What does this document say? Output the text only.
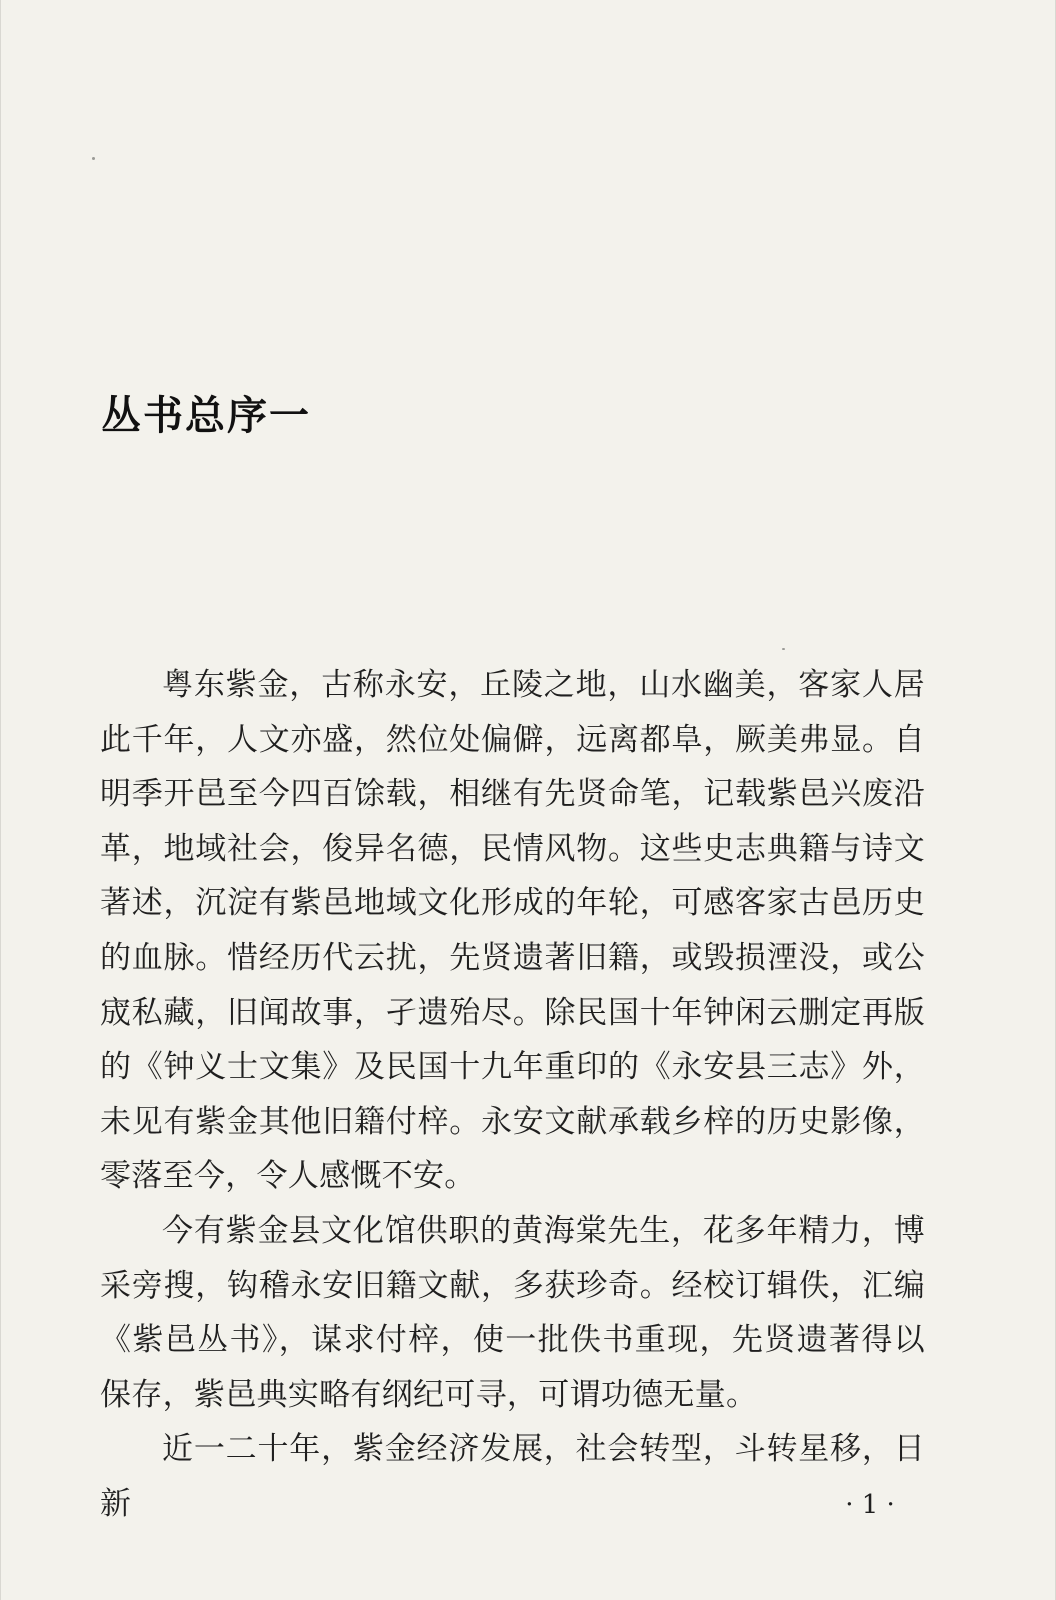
丛书总序一

粤东紫金，古称永安，丘陵之地，山水幽美，客家人居此千年，人文亦盛，然位处偏僻，远离都阜，厥美弗显。自明季开邑至今四百馀载，相继有先贤命笔，记载紫邑兴废沿革，地域社会，俊异名德，民情风物。这些史志典籍与诗文著述，沉淀有紫邑地域文化形成的年轮，可感客家古邑历史的血脉。惜经历代云扰，先贤遗著旧籍，或毁损湮没，或公宬私藏，旧闻故事，孑遗殆尽。除民国十年钟闲云删定再版的《钟义士文集》及民国十九年重印的《永安县三志》外，未见有紫金其他旧籍付梓。永安文献承载乡梓的历史影像，零落至今，令人感慨不安。

今有紫金县文化馆供职的黄海棠先生，花多年精力，博采旁搜，钩稽永安旧籍文献，多获珍奇。经校订辑佚，汇编《紫邑丛书》，谋求付梓，使一批佚书重现，先贤遗著得以保存，紫邑典实略有纲纪可寻，可谓功德无量。

近一二十年，紫金经济发展，社会转型，斗转星移，日新	· 1 ·
